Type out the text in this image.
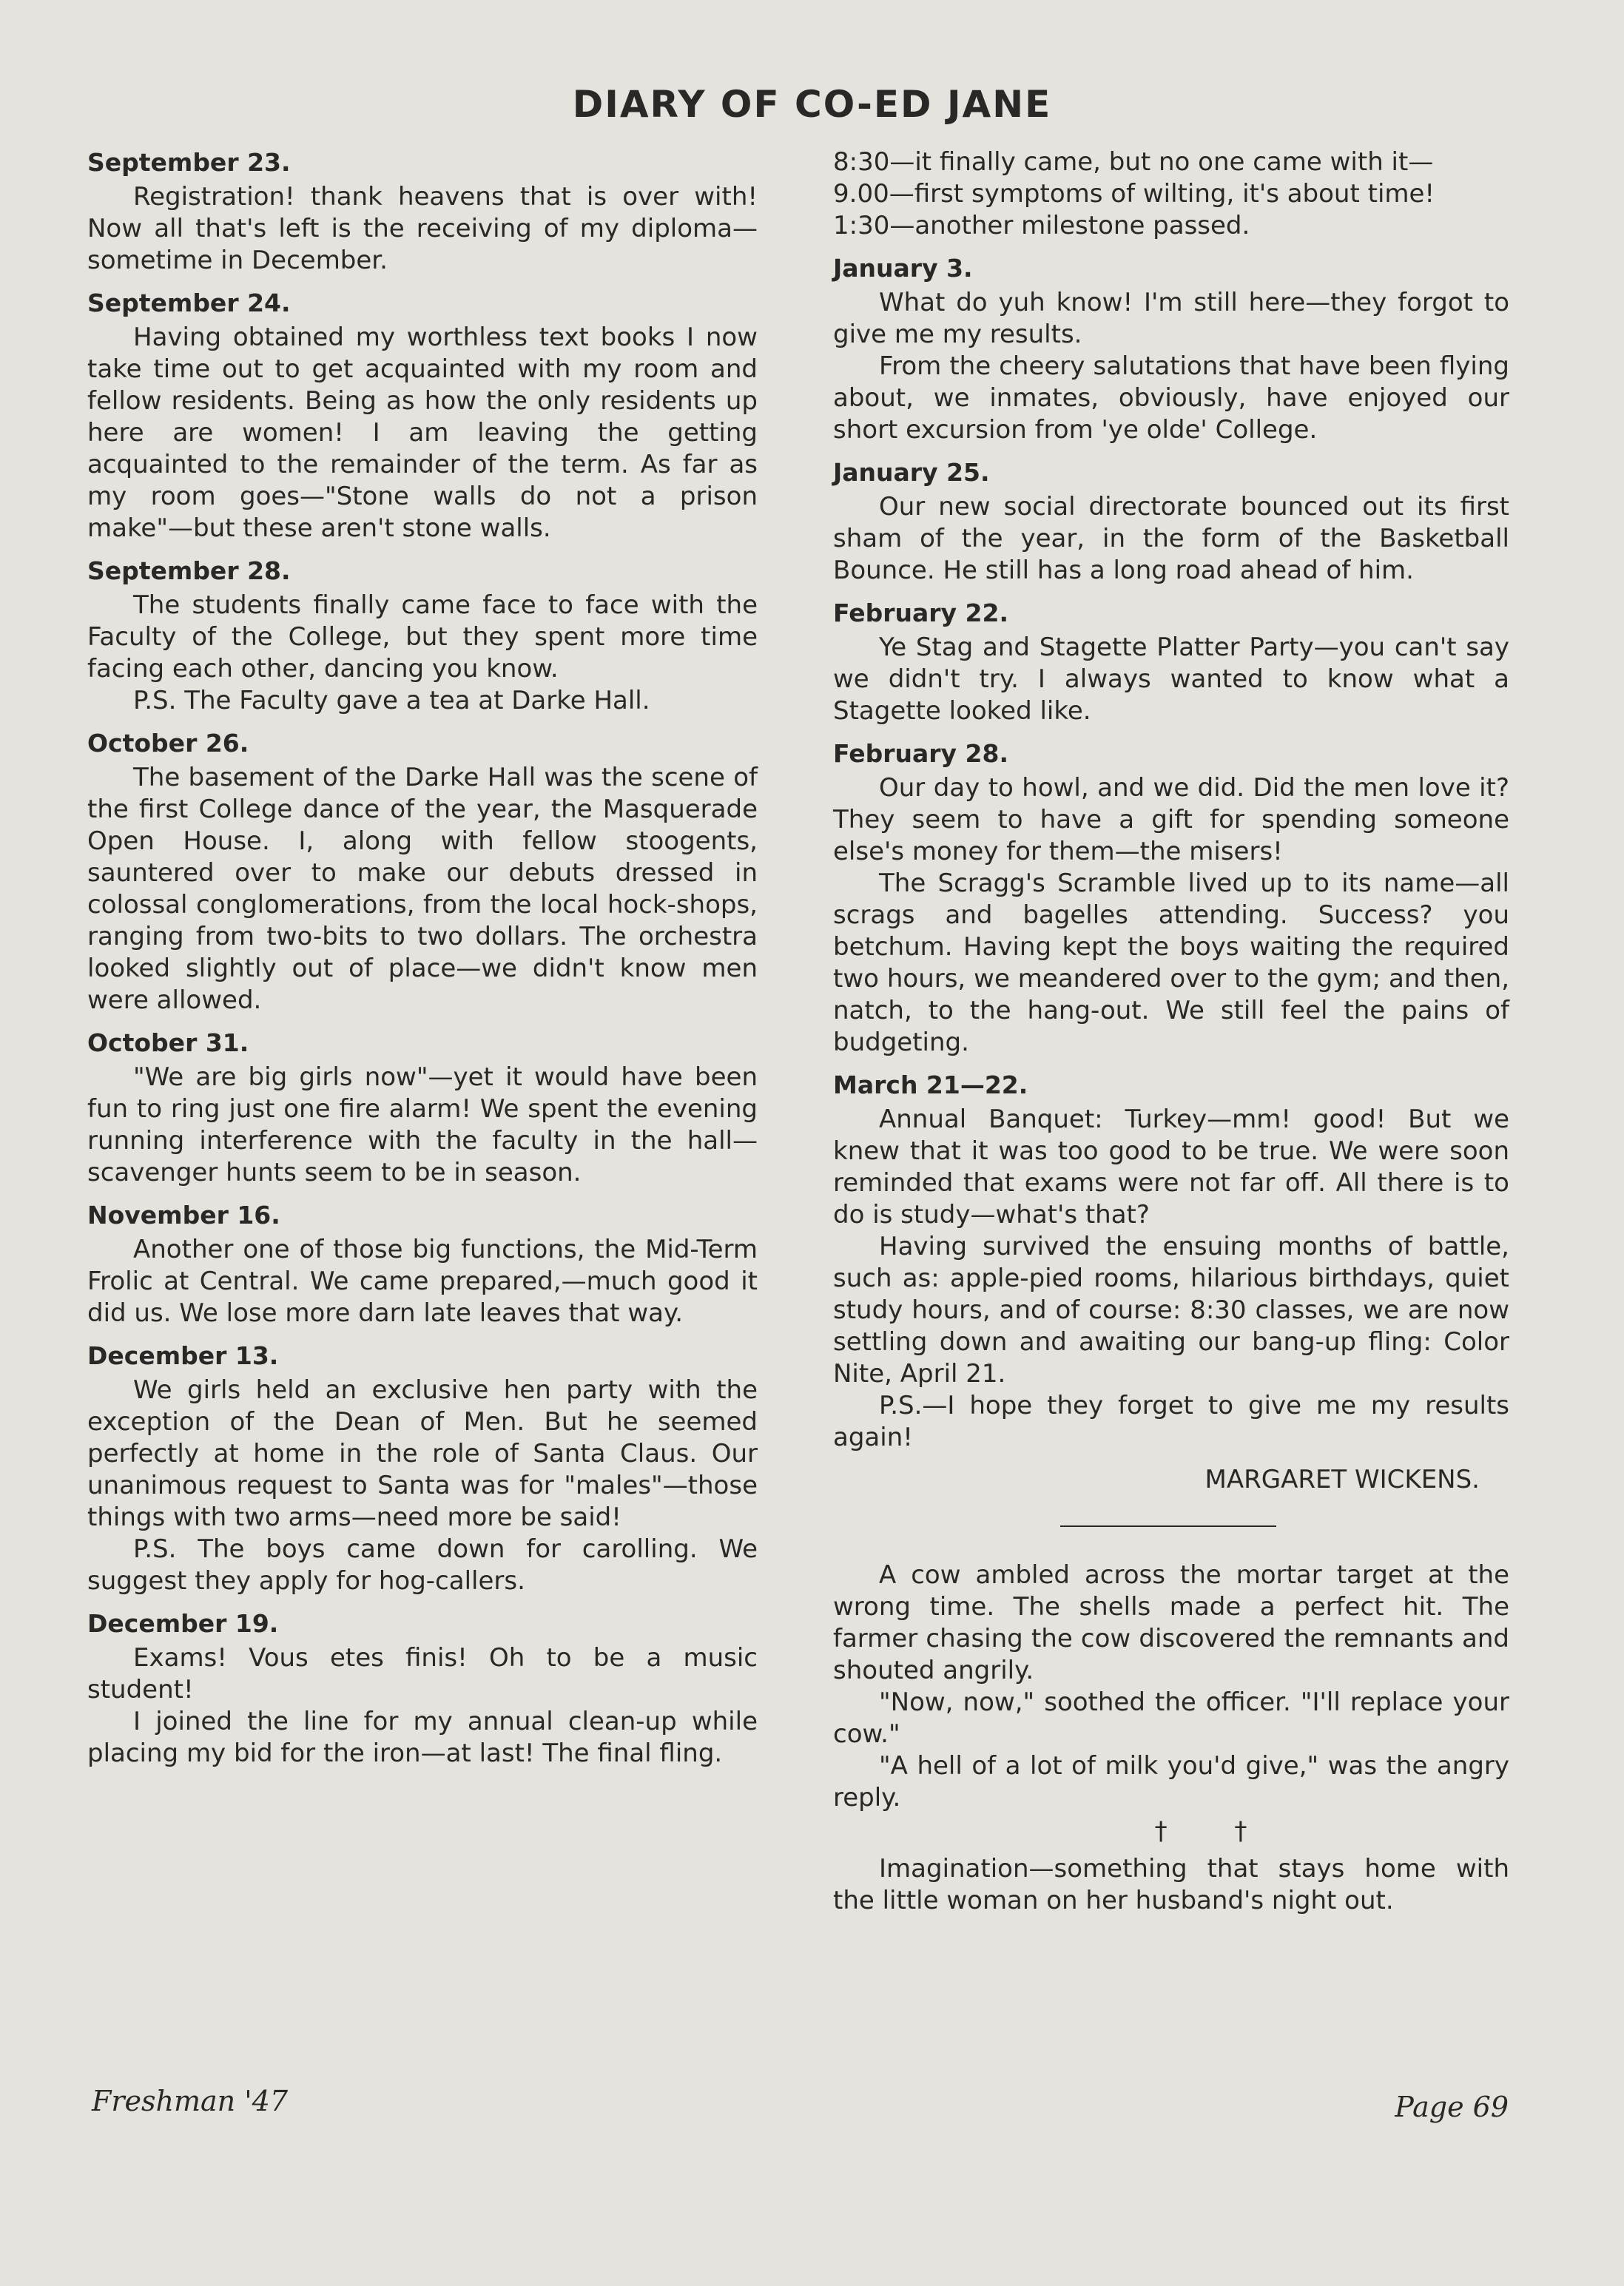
DIARY OF CO-ED JANE

September 23.

Registration! thank heavens that is over with! Now all that's left is the receiving of my diploma—sometime in December.

September 24.

Having obtained my worthless text books I now take time out to get acquainted with my room and fellow residents. Being as how the only residents up here are women! I am leaving the getting acquainted to the remainder of the term. As far as my room goes—"Stone walls do not a prison make"—but these aren't stone walls.

September 28.

The students finally came face to face with the Faculty of the College, but they spent more time facing each other, dancing you know.

P.S. The Faculty gave a tea at Darke Hall.

October 26.

The basement of the Darke Hall was the scene of the first College dance of the year, the Masquerade Open House. I, along with fellow stoogents, sauntered over to make our debuts dressed in colossal conglomerations, from the local hock-shops, ranging from two-bits to two dollars. The orchestra looked slightly out of place—we didn't know men were allowed.

October 31.

"We are big girls now"—yet it would have been fun to ring just one fire alarm! We spent the evening running interference with the faculty in the hall—scavenger hunts seem to be in season.

November 16.

Another one of those big functions, the Mid-Term Frolic at Central. We came prepared,—much good it did us. We lose more darn late leaves that way.

December 13.

We girls held an exclusive hen party with the exception of the Dean of Men. But he seemed perfectly at home in the role of Santa Claus. Our unanimous request to Santa was for "males"—those things with two arms—need more be said!

P.S. The boys came down for carolling. We suggest they apply for hog-callers.

December 19.

Exams! Vous etes finis! Oh to be a music student!

I joined the line for my annual clean-up while placing my bid for the iron—at last! The final fling.

8:30—it finally came, but no one came with it—

9.00—first symptoms of wilting, it's about time!

1:30—another milestone passed.

January 3.

What do yuh know! I'm still here—they forgot to give me my results.

From the cheery salutations that have been flying about, we inmates, obviously, have enjoyed our short excursion from 'ye olde' College.

January 25.

Our new social directorate bounced out its first sham of the year, in the form of the Basketball Bounce. He still has a long road ahead of him.

February 22.

Ye Stag and Stagette Platter Party—you can't say we didn't try. I always wanted to know what a Stagette looked like.

February 28.

Our day to howl, and we did. Did the men love it? They seem to have a gift for spending someone else's money for them—the misers!

The Scragg's Scramble lived up to its name—all scrags and bagelles attending. Success? you betchum. Having kept the boys waiting the required two hours, we meandered over to the gym; and then, natch, to the hang-out. We still feel the pains of budgeting.

March 21—22.

Annual Banquet: Turkey—mm! good! But we knew that it was too good to be true. We were soon reminded that exams were not far off. All there is to do is study—what's that?

Having survived the ensuing months of battle, such as: apple-pied rooms, hilarious birthdays, quiet study hours, and of course: 8:30 classes, we are now settling down and awaiting our bang-up fling: Color Nite, April 21.

P.S.—I hope they forget to give me my results again!

MARGARET WICKENS.

A cow ambled across the mortar target at the wrong time. The shells made a perfect hit. The farmer chasing the cow discovered the remnants and shouted angrily.

"Now, now," soothed the officer. "I'll replace your cow."

"A hell of a lot of milk you'd give," was the angry reply.

† †

Imagination—something that stays home with the little woman on her husband's night out.

Freshman '47	Page 69
